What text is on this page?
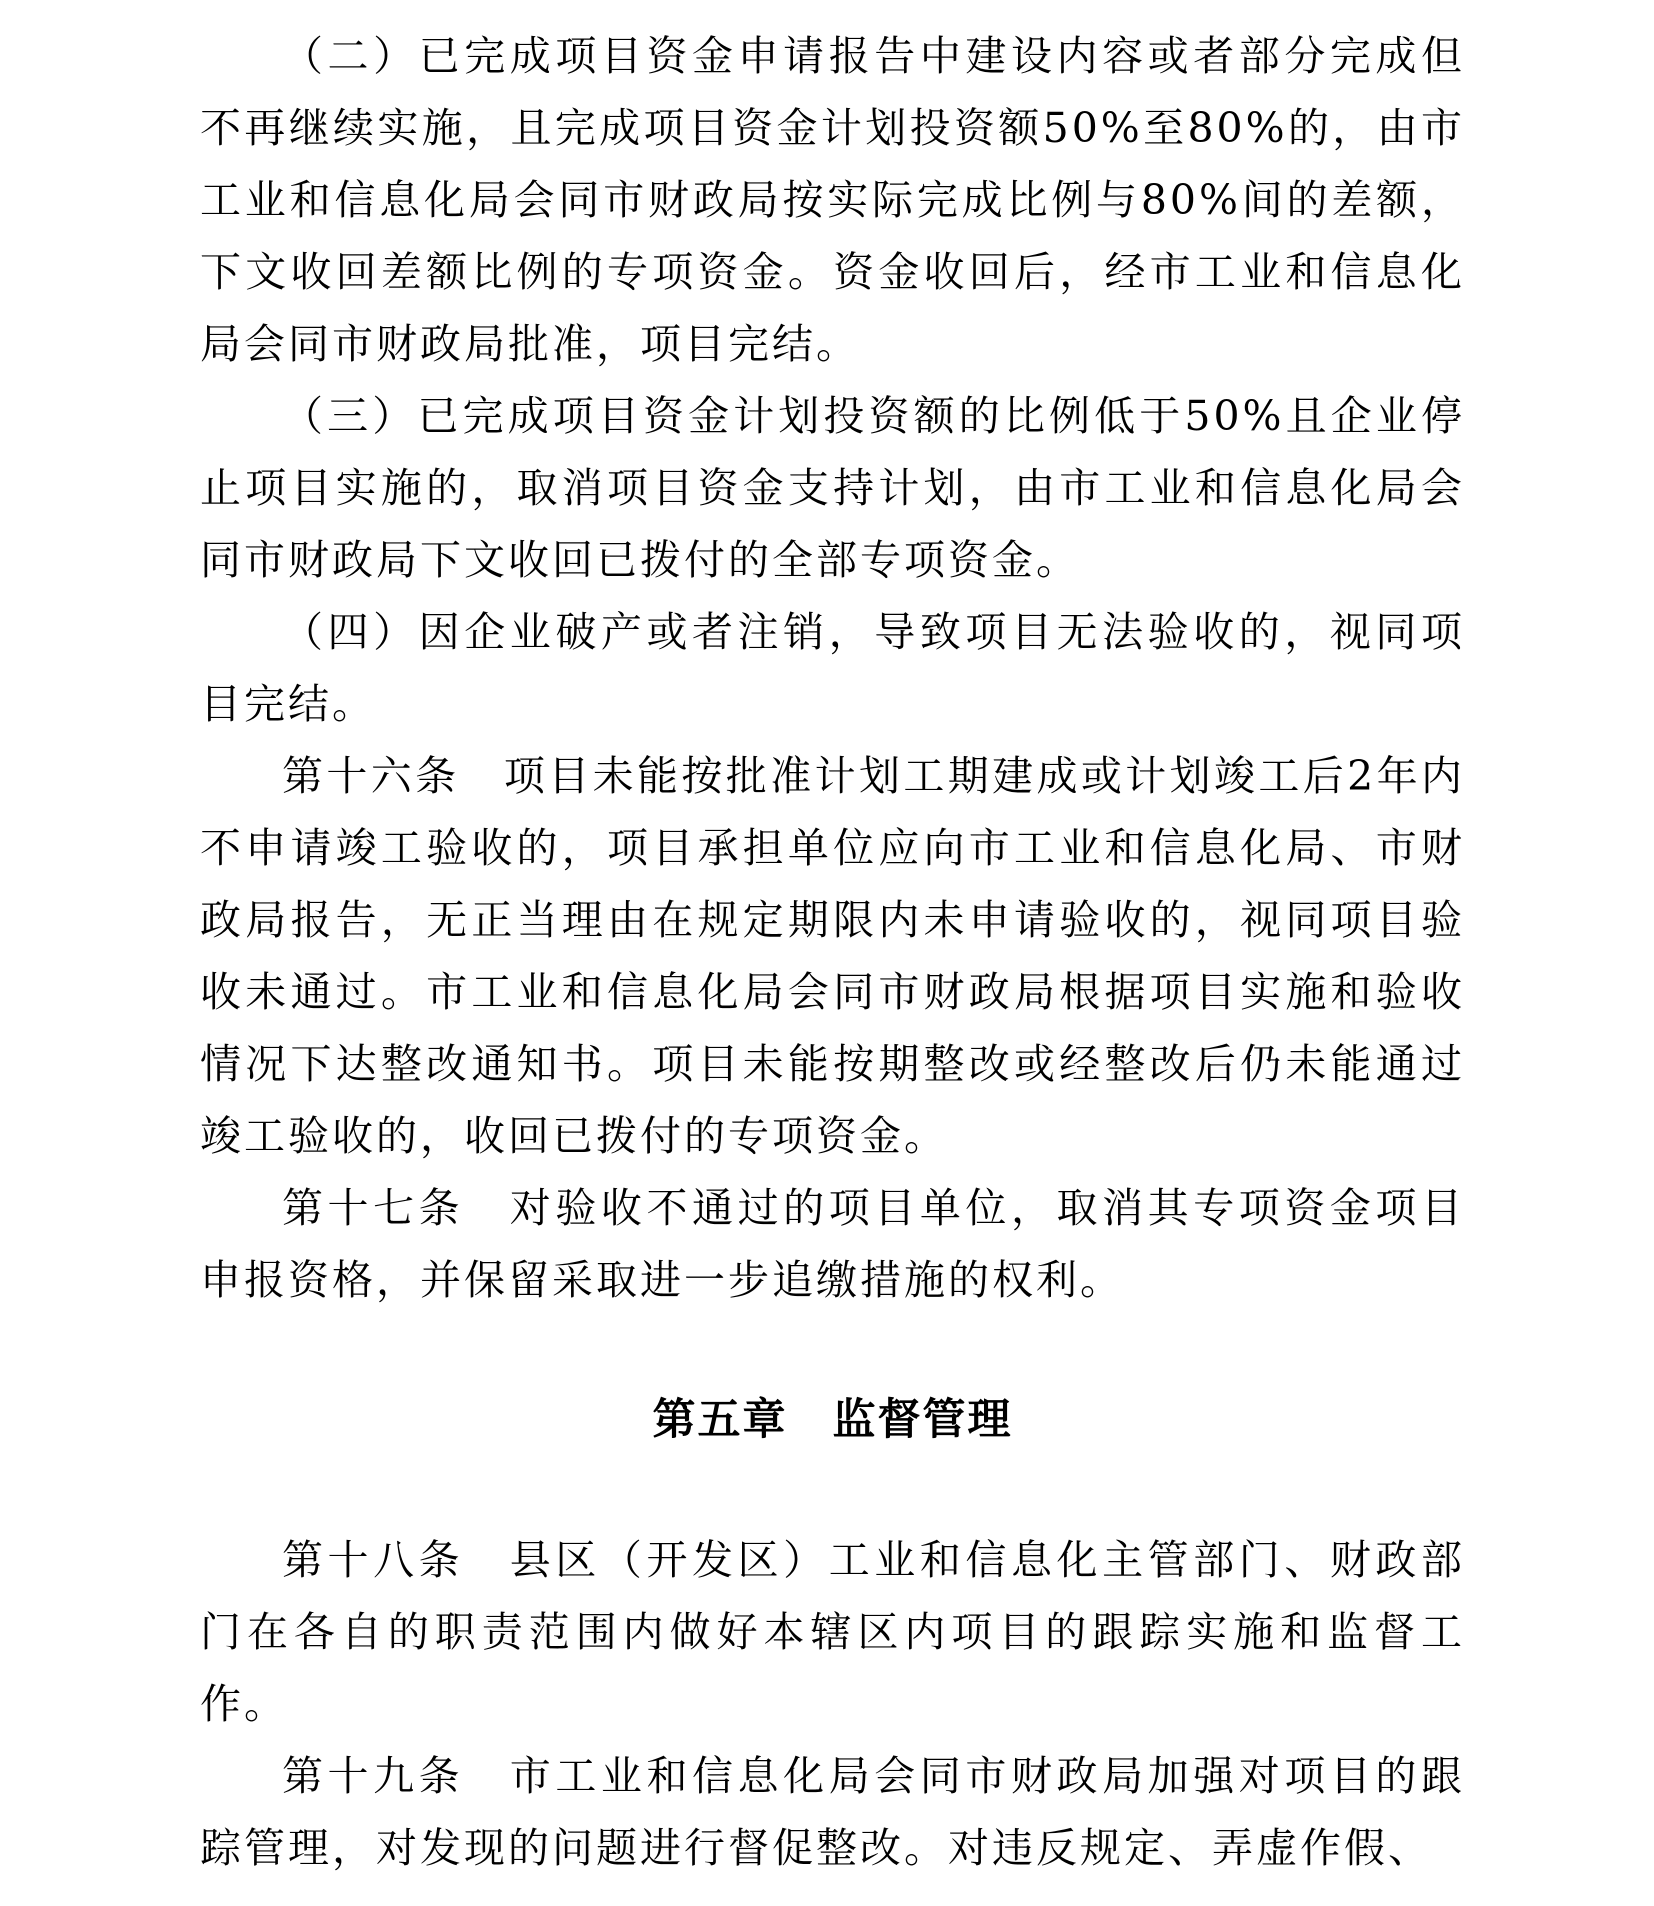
（二）已完成项目资金申请报告中建设内容或者部分完成但不再继续实施，且完成项目资金计划投资额50%至80%的，由市工业和信息化局会同市财政局按实际完成比例与80%间的差额，下文收回差额比例的专项资金。资金收回后，经市工业和信息化局会同市财政局批准，项目完结。

（三）已完成项目资金计划投资额的比例低于50%且企业停止项目实施的，取消项目资金支持计划，由市工业和信息化局会同市财政局下文收回已拨付的全部专项资金。

（四）因企业破产或者注销，导致项目无法验收的，视同项目完结。

第十六条　项目未能按批准计划工期建成或计划竣工后2年内不申请竣工验收的，项目承担单位应向市工业和信息化局、市财政局报告，无正当理由在规定期限内未申请验收的，视同项目验收未通过。市工业和信息化局会同市财政局根据项目实施和验收情况下达整改通知书。项目未能按期整改或经整改后仍未能通过竣工验收的，收回已拨付的专项资金。

第十七条　对验收不通过的项目单位，取消其专项资金项目申报资格，并保留采取进一步追缴措施的权利。

第五章　监督管理

第十八条　县区（开发区）工业和信息化主管部门、财政部门在各自的职责范围内做好本辖区内项目的跟踪实施和监督工作。

第十九条　市工业和信息化局会同市财政局加强对项目的跟踪管理，对发现的问题进行督促整改。对违反规定、弄虚作假、
